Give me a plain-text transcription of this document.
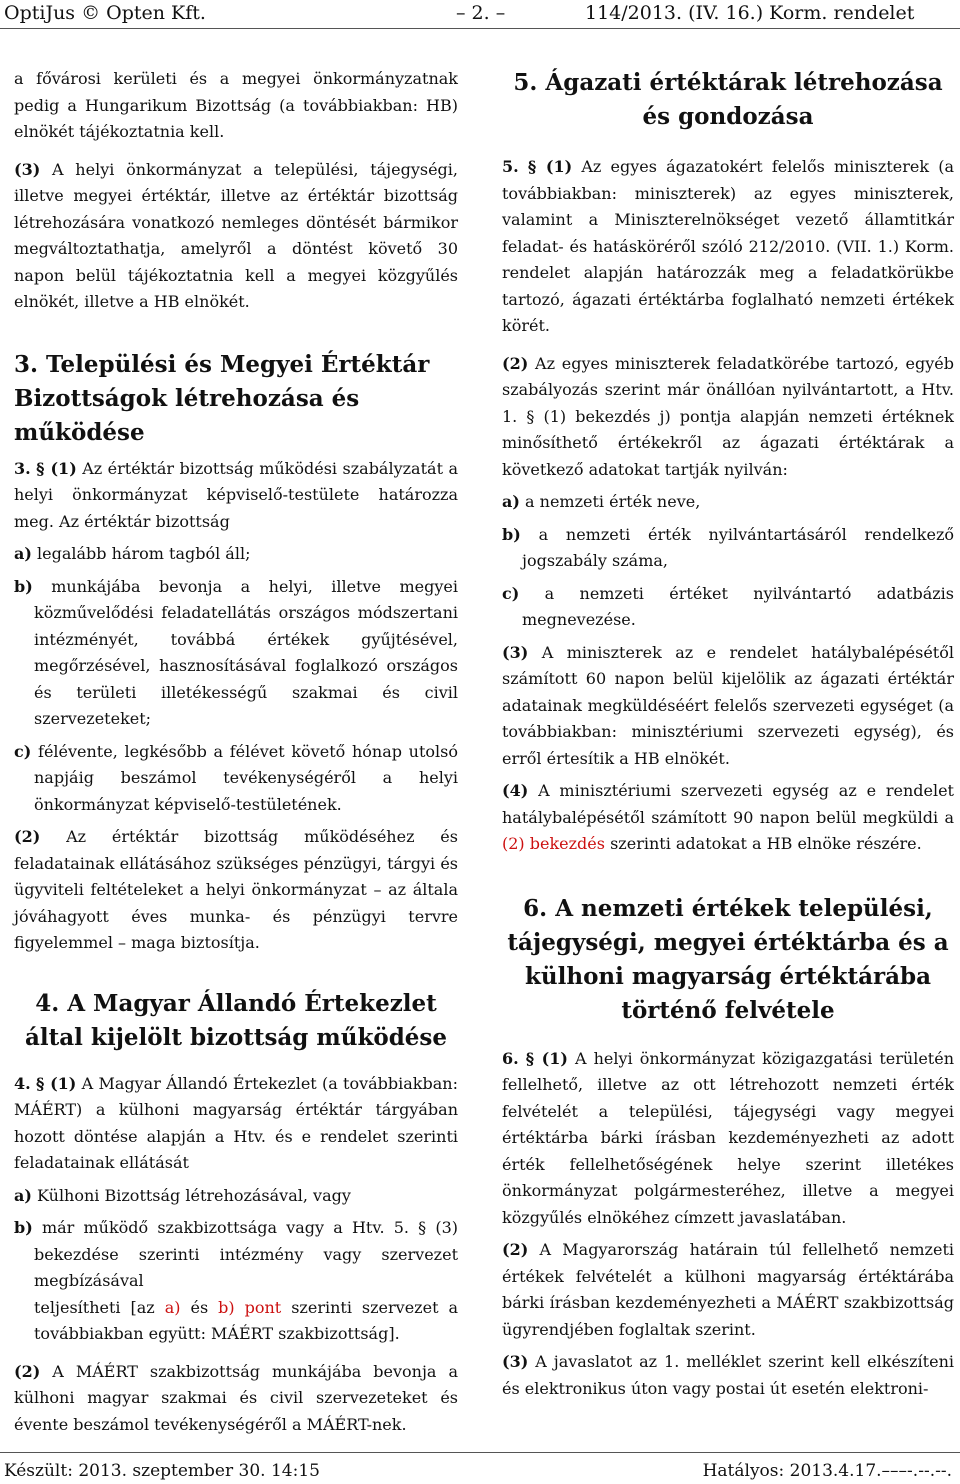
OptiJus © Opten Kft.	– 2. –	114/2013. (IV. 16.) Korm. rendelet

a fővárosi kerületi és a megyei önkormányzatnak pedig a Hungarikum Bizottság (a továbbiakban: HB) elnökét tájékoztatnia kell.

(3) A helyi önkormányzat a települési, tájegységi, illetve megyei értéktár, illetve az értéktár bizottság létrehozására vonatkozó nemleges döntését bármikor megváltoztathatja, amelyről a döntést követő 30 napon belül tájékoztatnia kell a megyei közgyűlés elnökét, illetve a HB elnökét.

3. Települési és Megyei Értéktár Bizottságok létrehozása és működése

3. § (1) Az értéktár bizottság működési szabályzatát a helyi önkormányzat képviselő-testülete határozza meg. Az értéktár bizottság

a) legalább három tagból áll;
b) munkájába bevonja a helyi, illetve megyei közművelődési feladatellátás országos módszertani intézményét, továbbá értékek gyűjtésével, megőrzésével, hasznosításával foglalkozó országos és területi illetékességű szakmai és civil szervezeteket;
c) félévente, legkésőbb a félévet követő hónap utolsó napjáig beszámol tevékenységéről a helyi önkormányzat képviselő-testületének.

(2) Az értéktár bizottság működéséhez és feladatainak ellátásához szükséges pénzügyi, tárgyi és ügyviteli feltételeket a helyi önkormányzat – az általa jóváhagyott éves munka- és pénzügyi tervre figyelemmel – maga biztosítja.

4. A Magyar Állandó Értekezlet által kijelölt bizottság működése

4. § (1) A Magyar Állandó Értekezlet (a továbbiakban: MÁÉRT) a külhoni magyarság értéktár tárgyában hozott döntése alapján a Htv. és e rendelet szerinti feladatainak ellátását

a) Külhoni Bizottság létrehozásával, vagy
b) már működő szakbizottsága vagy a Htv. 5. § (3) bekezdése szerinti intézmény vagy szervezet megbízásával

teljesítheti [az a) és b) pont szerinti szervezet a továbbiakban együtt: MÁÉRT szakbizottság].

(2) A MÁÉRT szakbizottság munkájába bevonja a külhoni magyar szakmai és civil szervezeteket és évente beszámol tevékenységéről a MÁÉRT-nek.

5. Ágazati értéktárak létrehozása és gondozása

5. § (1) Az egyes ágazatokért felelős miniszterek (a továbbiakban: miniszterek) az egyes miniszterek, valamint a Miniszterelnökséget vezető államtitkár feladat- és hatásköréről szóló 212/2010. (VII. 1.) Korm. rendelet alapján határozzák meg a feladatkörükbe tartozó, ágazati értéktárba foglalható nemzeti értékek körét.

(2) Az egyes miniszterek feladatkörébe tartozó, egyéb szabályozás szerint már önállóan nyilvántartott, a Htv. 1. § (1) bekezdés j) pontja alapján nemzeti értéknek minősíthető értékekről az ágazati értéktárak a következő adatokat tartják nyilván:

a) a nemzeti érték neve,
b) a nemzeti érték nyilvántartásáról rendelkező jogszabály száma,
c) a nemzeti értéket nyilvántartó adatbázis megnevezése.

(3) A miniszterek az e rendelet hatálybalépésétől számított 60 napon belül kijelölik az ágazati értéktár adatainak megküldéséért felelős szervezeti egységet (a továbbiakban: minisztériumi szervezeti egység), és erről értesítik a HB elnökét.

(4) A minisztériumi szervezeti egység az e rendelet hatálybalépésétől számított 90 napon belül megküldi a (2) bekezdés szerinti adatokat a HB elnöke részére.

6. A nemzeti értékek települési, tájegységi, megyei értéktárba és a külhoni magyarság értéktárába történő felvétele

6. § (1) A helyi önkormányzat közigazgatási területén fellelhető, illetve az ott létrehozott nemzeti érték felvételét a települési, tájegységi vagy megyei értéktárba bárki írásban kezdeményezheti az adott érték fellelhetőségének helye szerint illetékes önkormányzat polgármesteréhez, illetve a megyei közgyűlés elnökéhez címzett javaslatában.

(2) A Magyarország határain túl fellelhető nemzeti értékek felvételét a külhoni magyarság értéktárába bárki írásban kezdeményezheti a MÁÉRT szakbizottság ügyrendjében foglaltak szerint.

(3) A javaslatot az 1. melléklet szerint kell elkészíteni és elektronikus úton vagy postai út esetén elektroni-

Készült: 2013. szeptember 30. 14:15	Hatályos: 2013.4.17.–––-.--.--.
